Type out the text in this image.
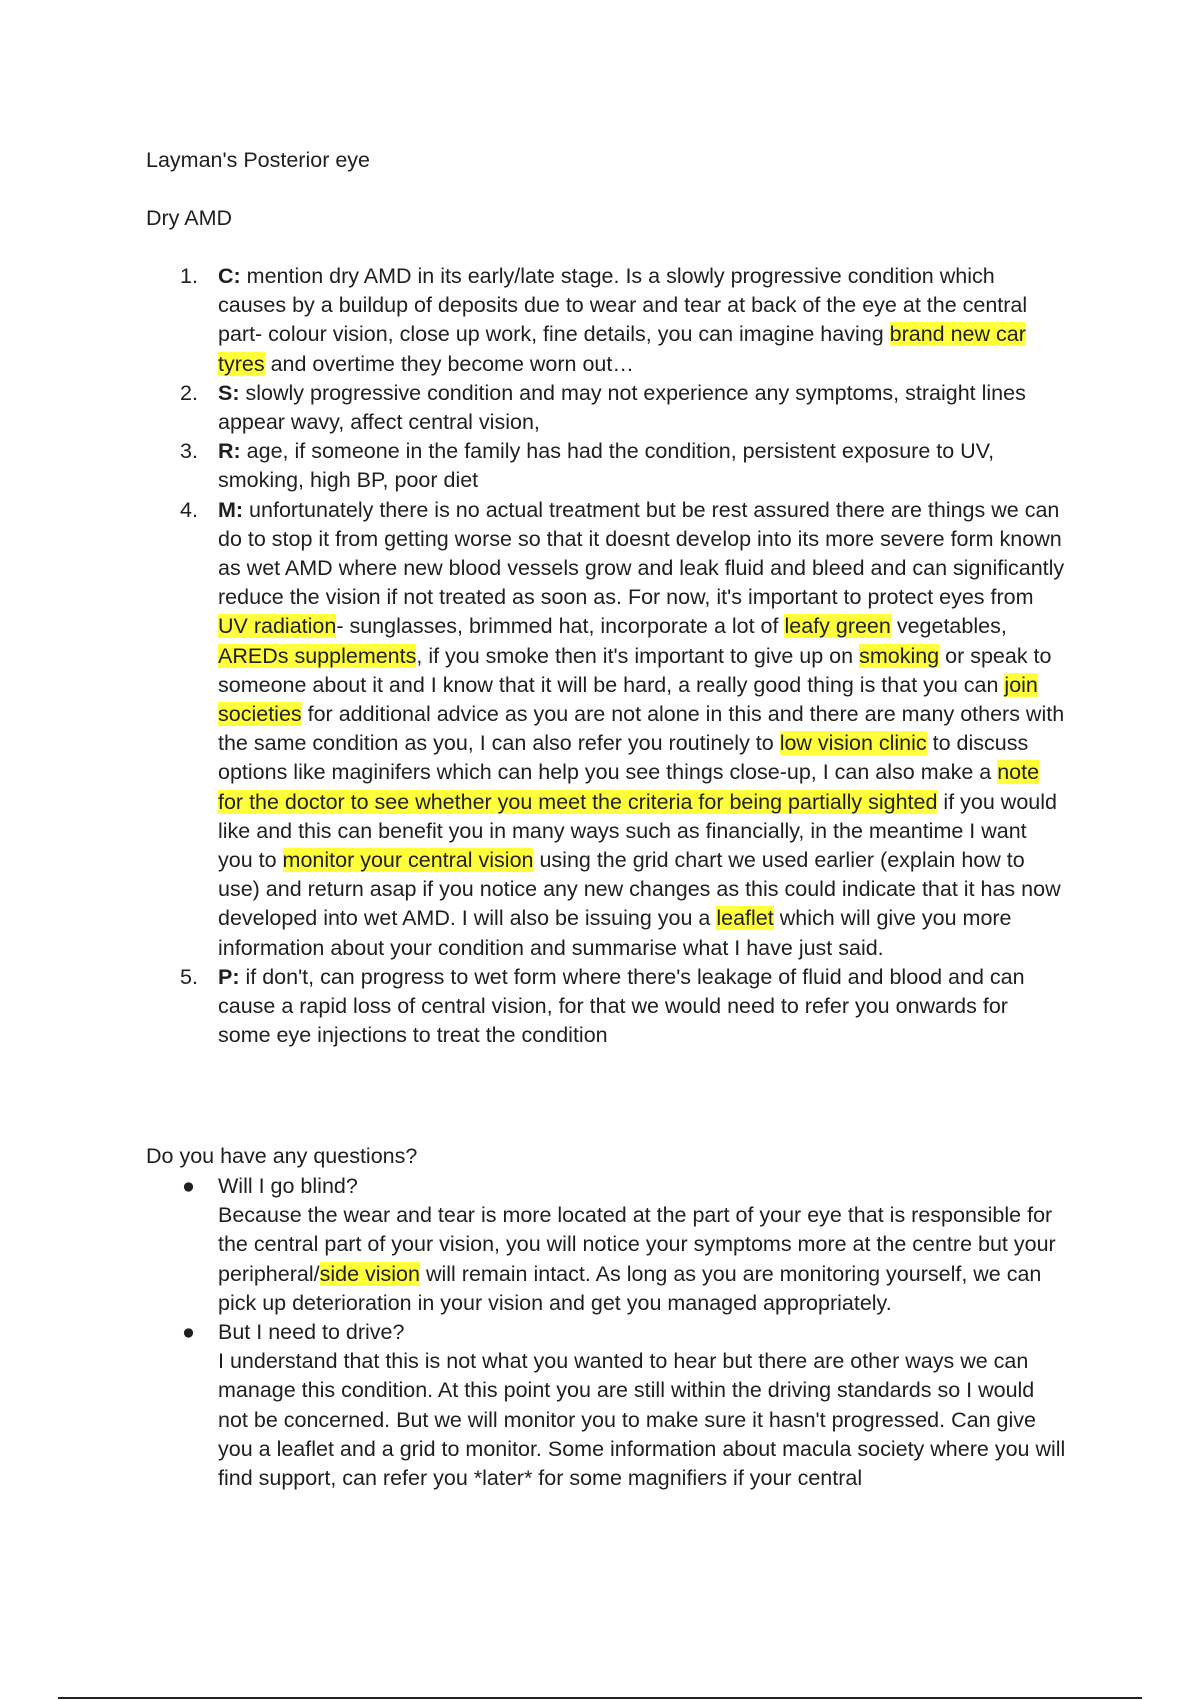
Layman's Posterior eye
Dry AMD
1. C: mention dry AMD in its early/late stage. Is a slowly progressive condition which causes by a buildup of deposits due to wear and tear at back of the eye at the central part- colour vision, close up work, fine details, you can imagine having brand new car tyres and overtime they become worn out…
2. S: slowly progressive condition and may not experience any symptoms, straight lines appear wavy, affect central vision,
3. R: age, if someone in the family has had the condition, persistent exposure to UV, smoking, high BP, poor diet
4. M: unfortunately there is no actual treatment but be rest assured there are things we can do to stop it from getting worse so that it doesnt develop into its more severe form known as wet AMD where new blood vessels grow and leak fluid and bleed and can significantly reduce the vision if not treated as soon as. For now, it's important to protect eyes from UV radiation- sunglasses, brimmed hat, incorporate a lot of leafy green vegetables, AREDs supplements, if you smoke then it's important to give up on smoking or speak to someone about it and I know that it will be hard, a really good thing is that you can join societies for additional advice as you are not alone in this and there are many others with the same condition as you, I can also refer you routinely to low vision clinic to discuss options like maginifers which can help you see things close-up, I can also make a note for the doctor to see whether you meet the criteria for being partially sighted if you would like and this can benefit you in many ways such as financially, in the meantime I want you to monitor your central vision using the grid chart we used earlier (explain how to use) and return asap if you notice any new changes as this could indicate that it has now developed into wet AMD. I will also be issuing you a leaflet which will give you more information about your condition and summarise what I have just said.
5. P: if don't, can progress to wet form where there's leakage of fluid and blood and can cause a rapid loss of central vision, for that we would need to refer you onwards for some eye injections to treat the condition
Do you have any questions?
● Will I go blind?
Because the wear and tear is more located at the part of your eye that is responsible for the central part of your vision, you will notice your symptoms more at the centre but your peripheral/side vision will remain intact. As long as you are monitoring yourself, we can pick up deterioration in your vision and get you managed appropriately.
● But I need to drive?
I understand that this is not what you wanted to hear but there are other ways we can manage this condition. At this point you are still within the driving standards so I would not be concerned. But we will monitor you to make sure it hasn't progressed. Can give you a leaflet and a grid to monitor. Some information about macula society where you will find support, can refer you *later* for some magnifiers if your central
